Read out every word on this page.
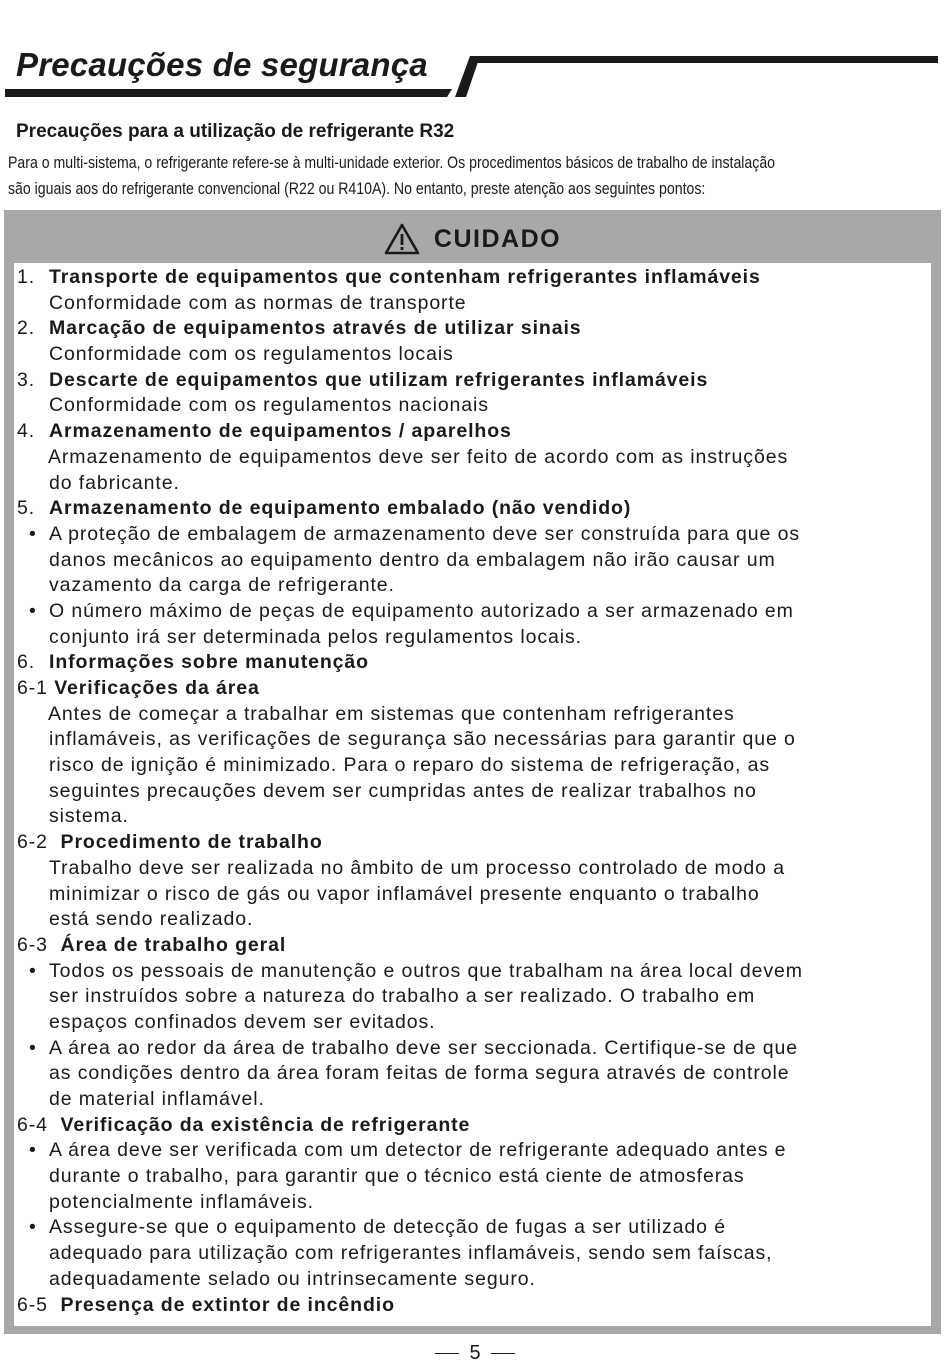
Precauções de segurança
Precauções para a utilização de refrigerante R32

Para o multi-sistema, o refrigerante refere-se à multi-unidade exterior. Os procedimentos básicos de trabalho de instalação

são iguais aos do refrigerante convencional (R22 ou R410A). No entanto, preste atenção aos seguintes pontos:

CUIDADO
1. Transporte de equipamentos que contenham refrigerantes inflamáveis
Conformidade com as normas de transporte
2. Marcação de equipamentos através de utilizar sinais
Conformidade com os regulamentos locais
3. Descarte de equipamentos que utilizam refrigerantes inflamáveis
Conformidade com os regulamentos nacionais
4. Armazenamento de equipamentos / aparelhos
Armazenamento de equipamentos deve ser feito de acordo com as instruções
do fabricante.
5. Armazenamento de equipamento embalado (não vendido)
• A proteção de embalagem de armazenamento deve ser construída para que os
danos mecânicos ao equipamento dentro da embalagem não irão causar um
vazamento da carga de refrigerante.
• O número máximo de peças de equipamento autorizado a ser armazenado em
conjunto irá ser determinada pelos regulamentos locais.
6. Informações sobre manutenção
6-1 Verificações da área
Antes de começar a trabalhar em sistemas que contenham refrigerantes
inflamáveis, as verificações de segurança são necessárias para garantir que o
risco de ignição é minimizado. Para o reparo do sistema de refrigeração, as
seguintes precauções devem ser cumpridas antes de realizar trabalhos no
sistema.
6-2 Procedimento de trabalho
Trabalho deve ser realizada no âmbito de um processo controlado de modo a
minimizar o risco de gás ou vapor inflamável presente enquanto o trabalho
está sendo realizado.
6-3 Área de trabalho geral
• Todos os pessoais de manutenção e outros que trabalham na área local devem
ser instruídos sobre a natureza do trabalho a ser realizado. O trabalho em
espaços confinados devem ser evitados.
• A área ao redor da área de trabalho deve ser seccionada. Certifique-se de que
as condições dentro da área foram feitas de forma segura através de controle
de material inflamável.
6-4 Verificação da existência de refrigerante
• A área deve ser verificada com um detector de refrigerante adequado antes e
durante o trabalho, para garantir que o técnico está ciente de atmosferas
potencialmente inflamáveis.
• Assegure-se que o equipamento de detecção de fugas a ser utilizado é
adequado para utilização com refrigerantes inflamáveis, sendo sem faíscas,
adequadamente selado ou intrinsecamente seguro.
6-5 Presença de extintor de incêndio
5
